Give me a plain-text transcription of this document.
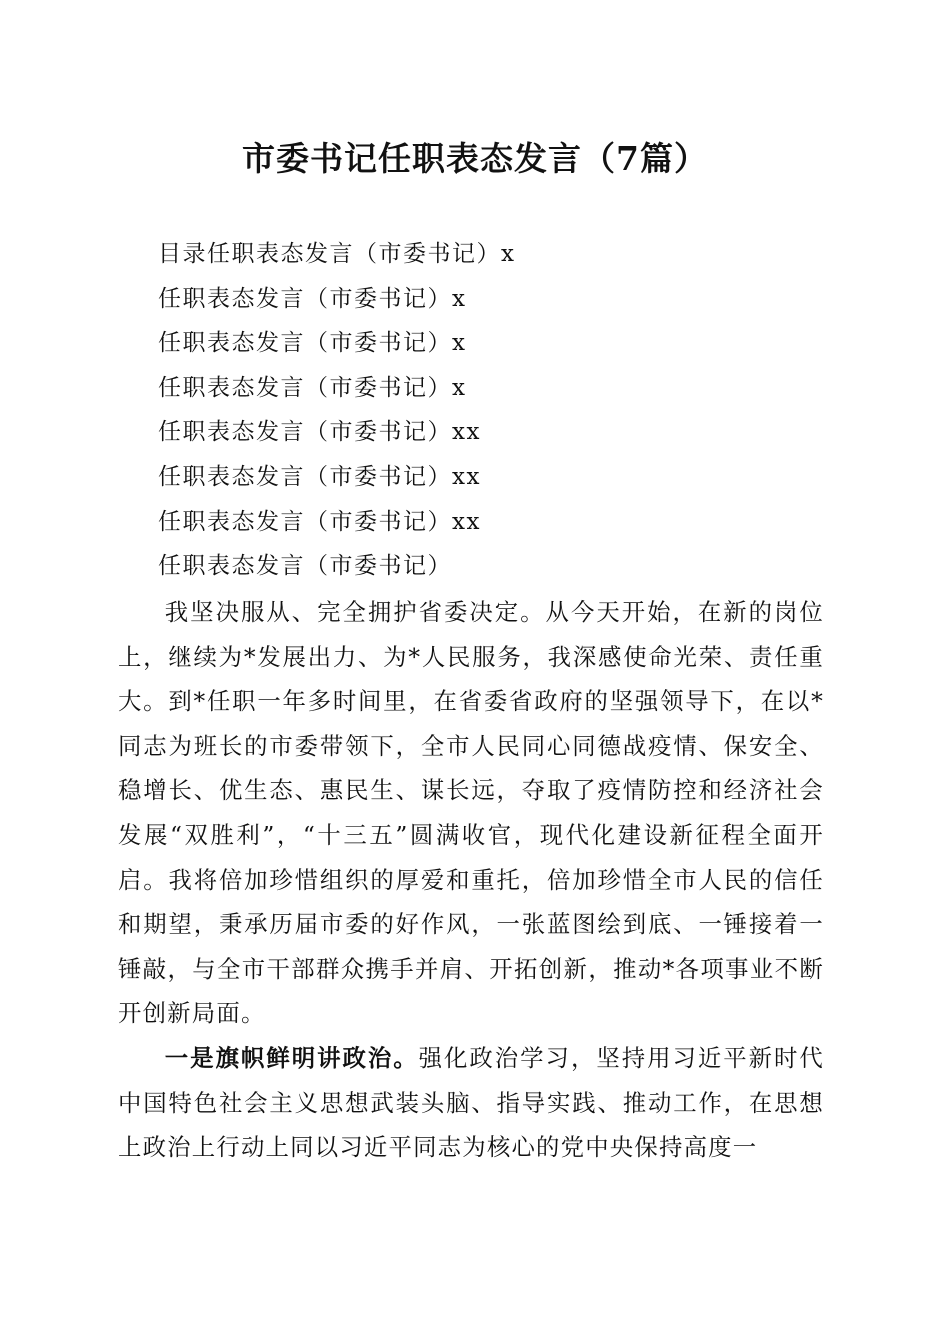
市委书记任职表态发言（7篇）
目录任职表态发言（市委书记）x
任职表态发言（市委书记）x
任职表态发言（市委书记）x
任职表态发言（市委书记）x
任职表态发言（市委书记）xx
任职表态发言（市委书记）xx
任职表态发言（市委书记）xx
任职表态发言（市委书记）

我坚决服从、完全拥护省委决定。从今天开始，在新的岗位上，继续为*发展出力、为*人民服务，我深感使命光荣、责任重大。到*任职一年多时间里，在省委省政府的坚强领导下，在以*同志为班长的市委带领下，全市人民同心同德战疫情、保安全、稳增长、优生态、惠民生、谋长远，夺取了疫情防控和经济社会发展“双胜利”，“十三五”圆满收官，现代化建设新征程全面开启。我将倍加珍惜组织的厚爱和重托，倍加珍惜全市人民的信任和期望，秉承历届市委的好作风，一张蓝图绘到底、一锤接着一锤敲，与全市干部群众携手并肩、开拓创新，推动*各项事业不断开创新局面。

一是旗帜鲜明讲政治。强化政治学习，坚持用习近平新时代中国特色社会主义思想武装头脑、指导实践、推动工作，在思想上政治上行动上同以习近平同志为核心的党中央保持高度一
